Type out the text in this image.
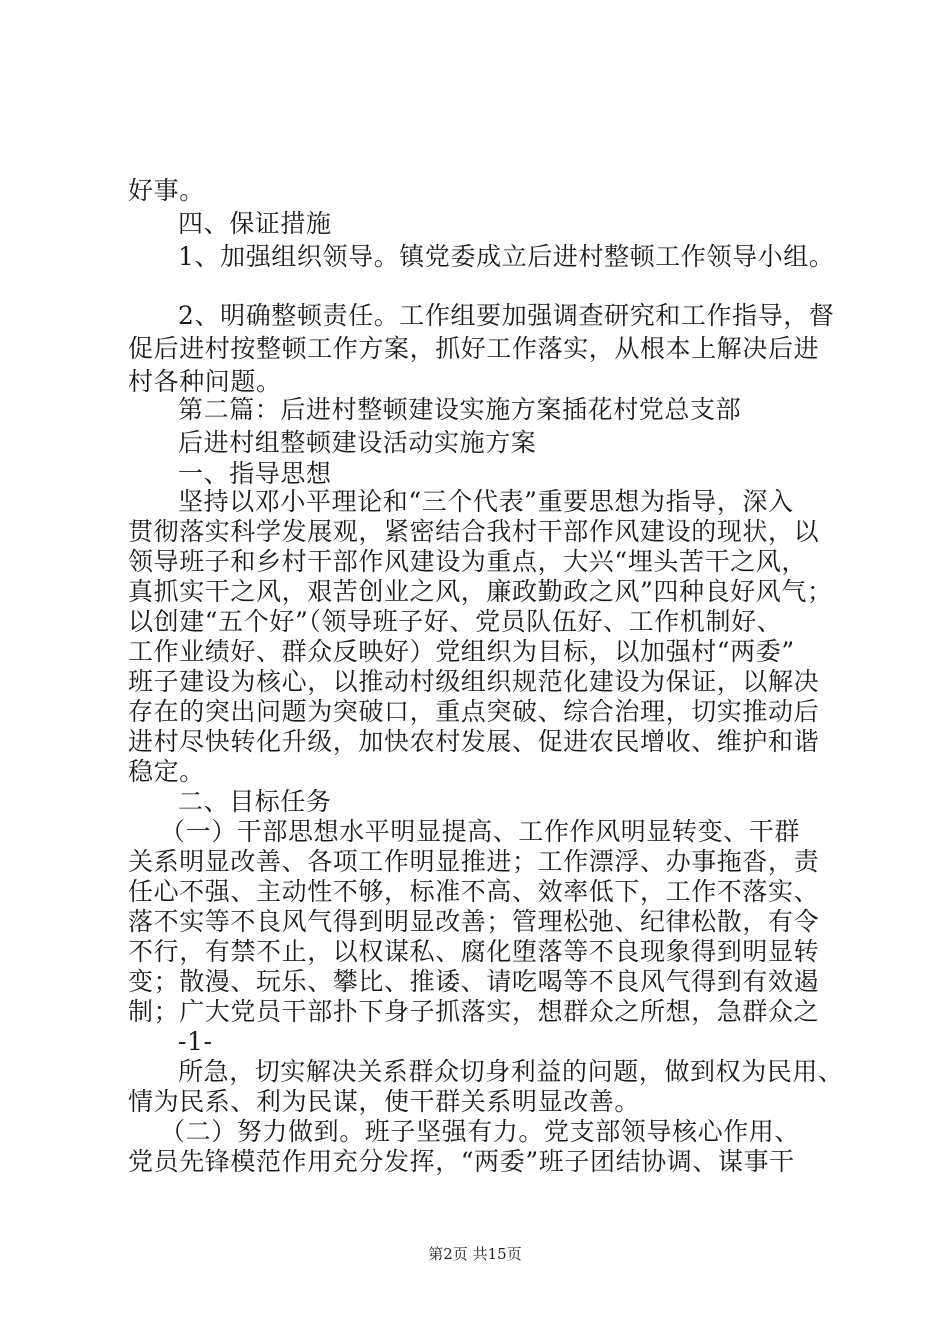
好事。
四、保证措施
1、加强组织领导。镇党委成立后进村整顿工作领导小组。
2、明确整顿责任。工作组要加强调查研究和工作指导，督
促后进村按整顿工作方案，抓好工作落实，从根本上解决后进
村各种问题。
第二篇：后进村整顿建设实施方案插花村党总支部
后进村组整顿建设活动实施方案
一、指导思想
坚持以邓小平理论和“三个代表”重要思想为指导，深入
贯彻落实科学发展观，紧密结合我村干部作风建设的现状，以
领导班子和乡村干部作风建设为重点，大兴“埋头苦干之风，
真抓实干之风，艰苦创业之风，廉政勤政之风”四种良好风气；
以创建“五个好”（领导班子好、党员队伍好、工作机制好、
工作业绩好、群众反映好）党组织为目标，以加强村“两委”
班子建设为核心，以推动村级组织规范化建设为保证，以解决
存在的突出问题为突破口，重点突破、综合治理，切实推动后
进村尽快转化升级，加快农村发展、促进农民增收、维护和谐
稳定。
二、目标任务
（一）干部思想水平明显提高、工作作风明显转变、干群
关系明显改善、各项工作明显推进；工作漂浮、办事拖沓，责
任心不强、主动性不够，标准不高、效率低下，工作不落实、
落不实等不良风气得到明显改善；管理松弛、纪律松散，有令
不行，有禁不止，以权谋私、腐化堕落等不良现象得到明显转
变；散漫、玩乐、攀比、推诿、请吃喝等不良风气得到有效遏
制；广大党员干部扑下身子抓落实，想群众之所想，急群众之
-1-
所急，切实解决关系群众切身利益的问题，做到权为民用、
情为民系、利为民谋，使干群关系明显改善。
（二）努力做到。班子坚强有力。党支部领导核心作用、
党员先锋模范作用充分发挥，“两委”班子团结协调、谋事干
第2页 共15页
